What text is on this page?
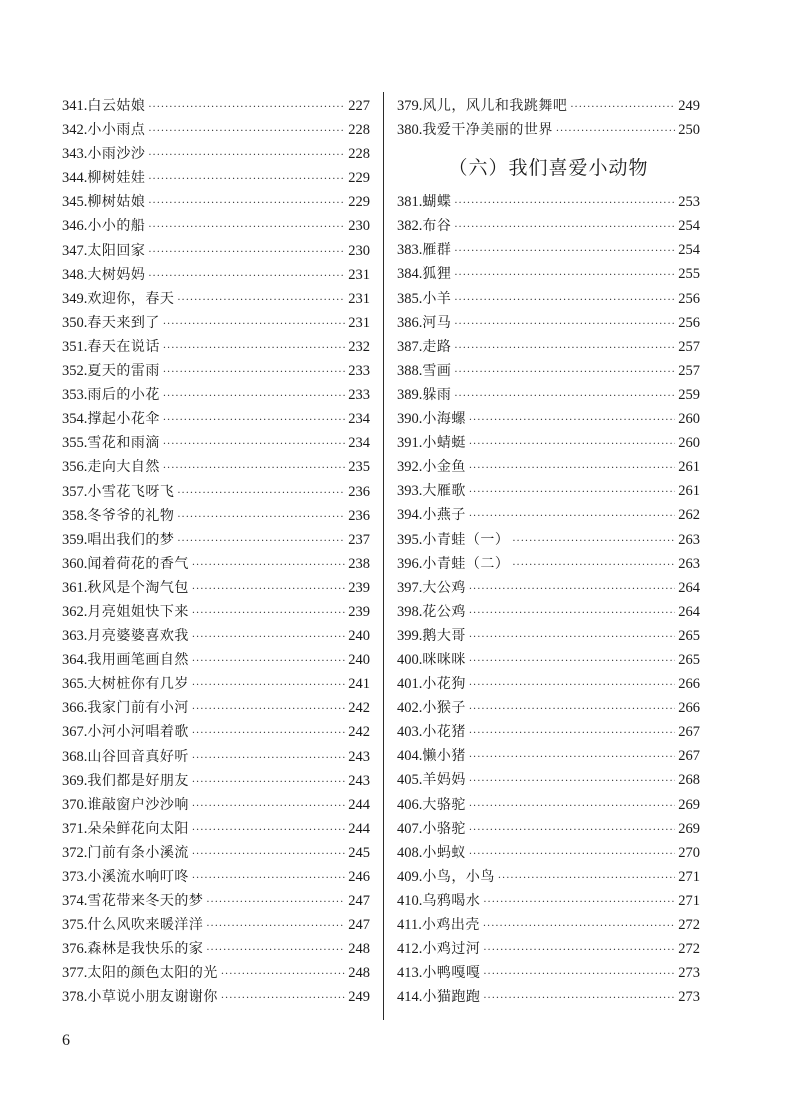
341. 白云姑娘 ·····	227
342. 小小雨点 ·····	228
343. 小雨沙沙 ·····	228
344. 柳树娃娃 ·····	229
345. 柳树姑娘 ·····	229
346. 小小的船 ·····	230
347. 太阳回家 ·····	230
348. 大树妈妈 ·····	231
349. 欢迎你，春天 ·····	231
350. 春天来到了 ·····	231
351. 春天在说话 ·····	232
352. 夏天的雷雨 ·····	233
353. 雨后的小花 ·····	233
354. 撑起小花伞 ·····	234
355. 雪花和雨滴 ·····	234
356. 走向大自然 ·····	235
357. 小雪花飞呀飞 ·····	236
358. 冬爷爷的礼物 ·····	236
359. 唱出我们的梦 ·····	237
360. 闻着荷花的香气 ·····	238
361. 秋风是个淘气包 ·····	239
362. 月亮姐姐快下来 ·····	239
363. 月亮婆婆喜欢我 ·····	240
364. 我用画笔画自然 ·····	240
365. 大树桩你有几岁 ·····	241
366. 我家门前有小河 ·····	242
367. 小河小河唱着歌 ·····	242
368. 山谷回音真好听 ·····	243
369. 我们都是好朋友 ·····	243
370. 谁敲窗户沙沙响 ·····	244
371. 朵朵鲜花向太阳 ·····	244
372. 门前有条小溪流 ·····	245
373. 小溪流水响叮咚 ·····	246
374. 雪花带来冬天的梦 ·····	247
375. 什么风吹来暖洋洋 ·····	247
376. 森林是我快乐的家 ·····	248
377. 太阳的颜色太阳的光 ·····	248
378. 小草说小朋友谢谢你 ·····	249
379. 风儿，风儿和我跳舞吧 ·····	249
380. 我爱干净美丽的世界 ·····	250
（六）我们喜爱小动物
381. 蝴蝶 ·····	253
382. 布谷 ·····	254
383. 雁群 ·····	254
384. 狐狸 ·····	255
385. 小羊 ·····	256
386. 河马 ·····	256
387. 走路 ·····	257
388. 雪画 ·····	257
389. 躲雨 ·····	259
390. 小海螺 ·····	260
391. 小蜻蜓 ·····	260
392. 小金鱼 ·····	261
393. 大雁歌 ·····	261
394. 小燕子 ·····	262
395. 小青蛙（一） ·····	263
396. 小青蛙（二） ·····	263
397. 大公鸡 ·····	264
398. 花公鸡 ·····	264
399. 鹅大哥 ·····	265
400. 咪咪咪 ·····	265
401. 小花狗 ·····	266
402. 小猴子 ·····	266
403. 小花猪 ·····	267
404. 懒小猪 ·····	267
405. 羊妈妈 ·····	268
406. 大骆驼 ·····	269
407. 小骆驼 ·····	269
408. 小蚂蚁 ·····	270
409. 小鸟，小鸟 ·····	271
410. 乌鸦喝水 ·····	271
411. 小鸡出壳 ·····	272
412. 小鸡过河 ·····	272
413. 小鸭嘎嘎 ·····	273
414. 小猫跑跑 ·····	273
6
